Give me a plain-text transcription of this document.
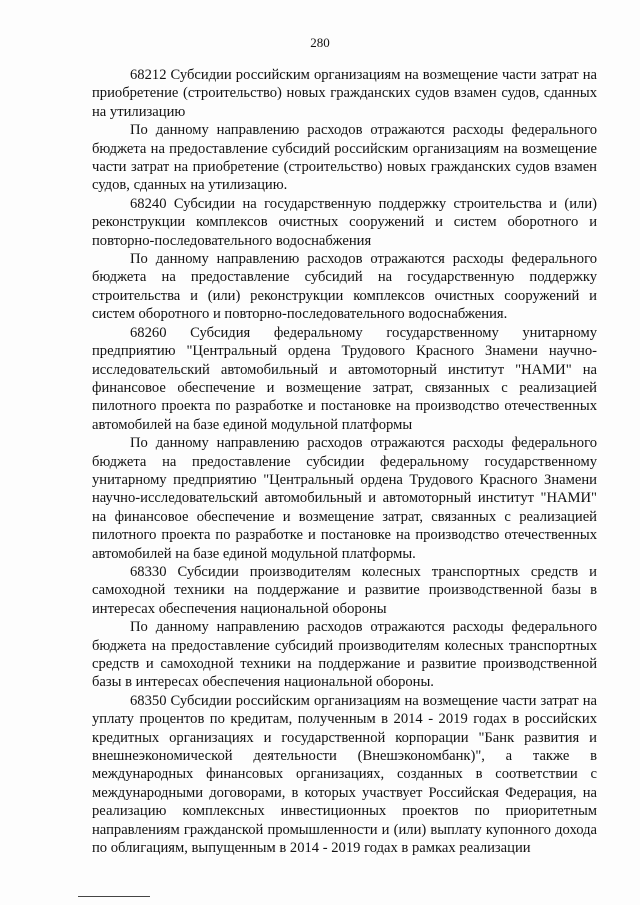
280

68212 Субсидии российским организациям на возмещение части затрат на приобретение (строительство) новых гражданских судов взамен судов, сданных на утилизацию

По данному направлению расходов отражаются расходы федерального бюджета на предоставление субсидий российским организациям на возмещение части затрат на приобретение (строительство) новых гражданских судов взамен судов, сданных на утилизацию.

68240 Субсидии на государственную поддержку строительства и (или) реконструкции комплексов очистных сооружений и систем оборотного и повторно-последовательного водоснабжения

По данному направлению расходов отражаются расходы федерального бюджета на предоставление субсидий на государственную поддержку строительства и (или) реконструкции комплексов очистных сооружений и систем оборотного и повторно-последовательного водоснабжения.

68260 Субсидия федеральному государственному унитарному предприятию "Центральный ордена Трудового Красного Знамени научно-исследовательский автомобильный и автомоторный институт "НАМИ" на финансовое обеспечение и возмещение затрат, связанных с реализацией пилотного проекта по разработке и постановке на производство отечественных автомобилей на базе единой модульной платформы

По данному направлению расходов отражаются расходы федерального бюджета на предоставление субсидии федеральному государственному унитарному предприятию "Центральный ордена Трудового Красного Знамени научно-исследовательский автомобильный и автомоторный институт "НАМИ" на финансовое обеспечение и возмещение затрат, связанных с реализацией пилотного проекта по разработке и постановке на производство отечественных автомобилей на базе единой модульной платформы.

68330 Субсидии производителям колесных транспортных средств и самоходной техники на поддержание и развитие производственной базы в интересах обеспечения национальной обороны

По данному направлению расходов отражаются расходы федерального бюджета на предоставление субсидий производителям колесных транспортных средств и самоходной техники на поддержание и развитие производственной базы в интересах обеспечения национальной обороны.

68350 Субсидии российским организациям на возмещение части затрат на уплату процентов по кредитам, полученным в 2014 - 2019 годах в российских кредитных организациях и государственной корпорации "Банк развития и внешнеэкономической деятельности (Внешэкономбанк)", а также в международных финансовых организациях, созданных в соответствии с международными договорами, в которых участвует Российская Федерация, на реализацию комплексных инвестиционных проектов по приоритетным направлениям гражданской промышленности и (или) выплату купонного дохода по облигациям, выпущенным в 2014 - 2019 годах в рамках реализации
